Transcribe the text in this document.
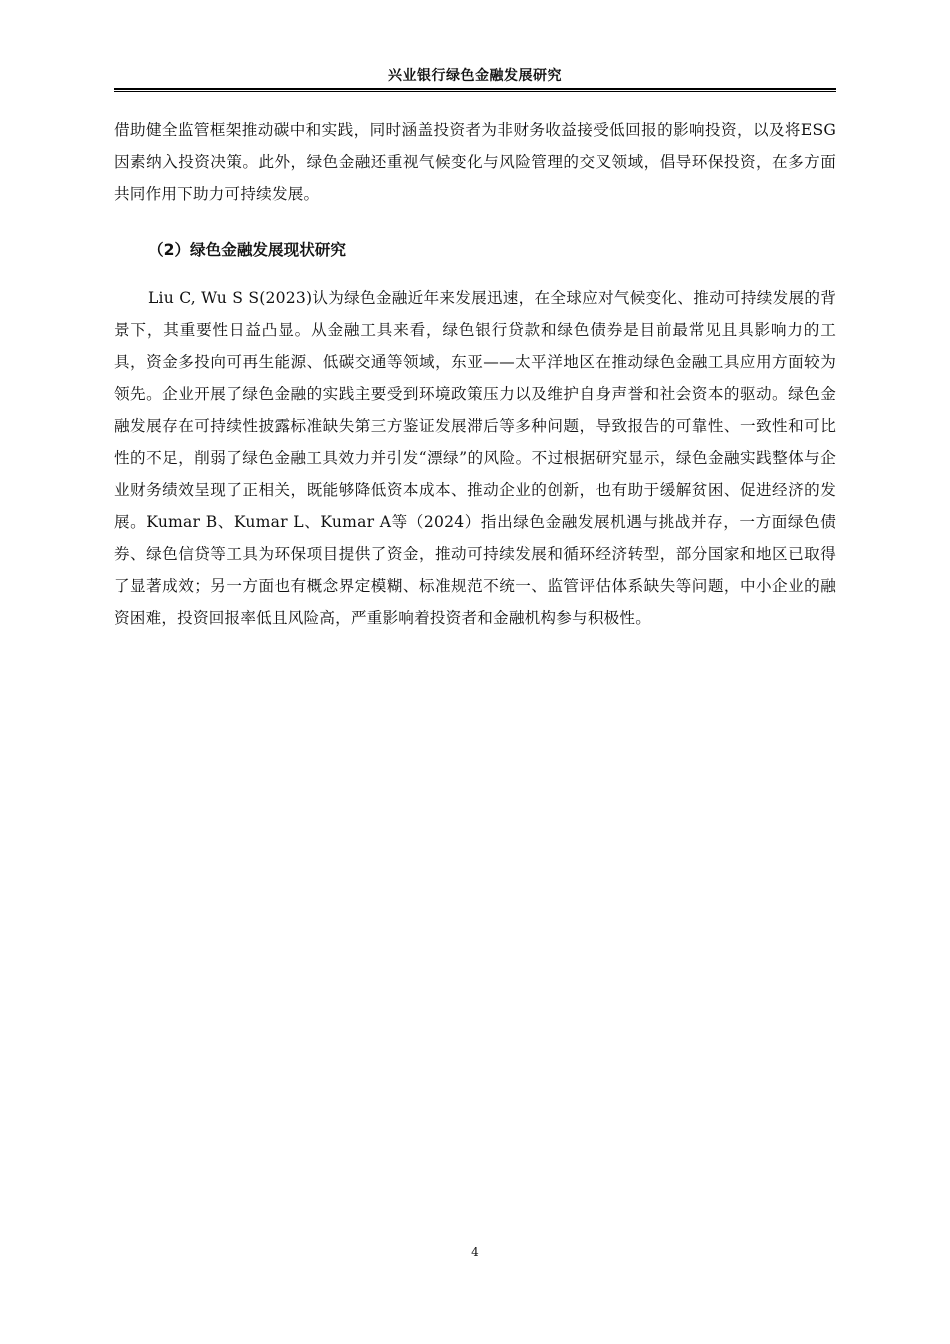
兴业银行绿色金融发展研究

借助健全监管框架推动碳中和实践，同时涵盖投资者为非财务收益接受低回报的影响投资，以及将ESG因素纳入投资决策。此外，绿色金融还重视气候变化与风险管理的交叉领域，倡导环保投资，在多方面共同作用下助力可持续发展。

（2）绿色金融发展现状研究

Liu C, Wu S S(2023)认为绿色金融近年来发展迅速，在全球应对气候变化、推动可持续发展的背景下，其重要性日益凸显。从金融工具来看，绿色银行贷款和绿色债券是目前最常见且具影响力的工具，资金多投向可再生能源、低碳交通等领域，东亚——太平洋地区在推动绿色金融工具应用方面较为领先。企业开展了绿色金融的实践主要受到环境政策压力以及维护自身声誉和社会资本的驱动。绿色金融发展存在可持续性披露标准缺失第三方鉴证发展滞后等多种问题，导致报告的可靠性、一致性和可比性的不足，削弱了绿色金融工具效力并引发“漂绿”的风险。不过根据研究显示，绿色金融实践整体与企业财务绩效呈现了正相关，既能够降低资本成本、推动企业的创新，也有助于缓解贫困、促进经济的发展。Kumar B、Kumar L、Kumar A等（2024）指出绿色金融发展机遇与挑战并存，一方面绿色债券、绿色信贷等工具为环保项目提供了资金，推动可持续发展和循环经济转型，部分国家和地区已取得了显著成效；另一方面也有概念界定模糊、标准规范不统一、监管评估体系缺失等问题，中小企业的融资困难，投资回报率低且风险高，严重影响着投资者和金融机构参与积极性。

4
